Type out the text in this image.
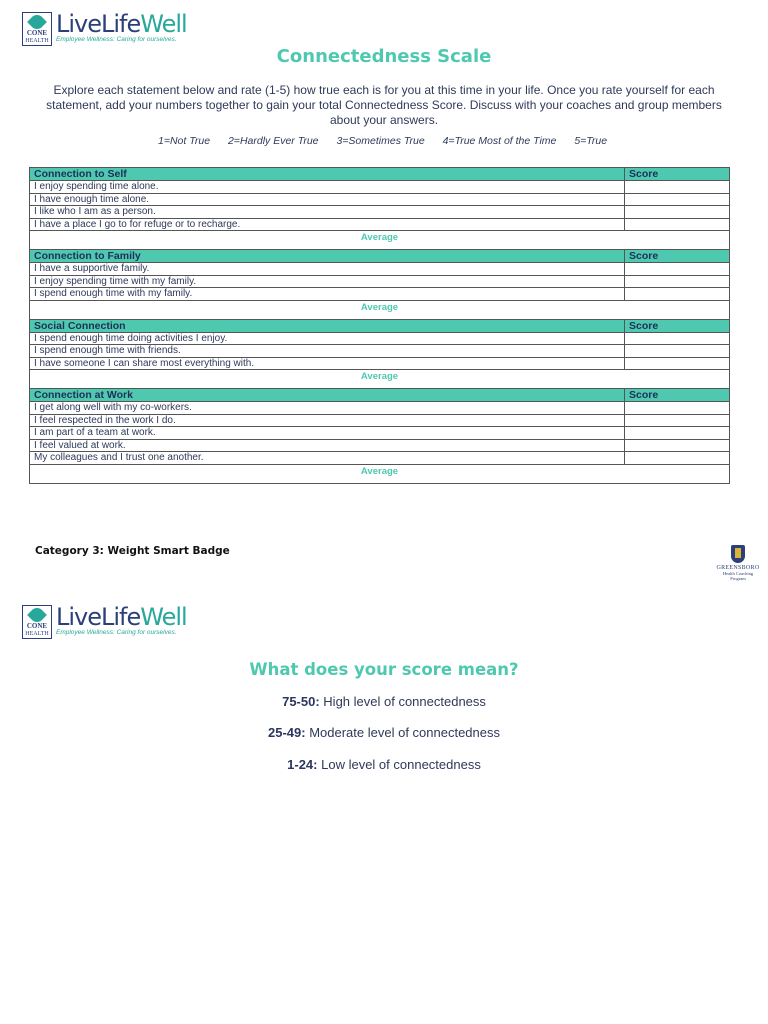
CONE
HEALTH
LiveLifeWell
Employee Wellness: Caring for ourselves.
Connectedness Scale
Explore each statement below and rate (1-5) how true each is for you at this time in your life. Once you rate yourself for each statement, add your numbers together to gain your total Connectedness Score. Discuss with your coaches and group members about your answers.
1=Not True 2=Hardly Ever True 3=Sometimes True 4=True Most of the Time 5=True
Connection to Self	Score
I enjoy spending time alone.	
I have enough time alone.	
I like who I am as a person.	
I have a place I go to for refuge or to recharge.	
Average	
Connection to Family	Score
I have a supportive family.	
I enjoy spending time with my family.	
I spend enough time with my family.	
Average	
Social Connection	Score
I spend enough time doing activities I enjoy.	
I spend enough time with friends.	
I have someone I can share most everything with.	
Average	
Connection at Work	Score
I get along well with my co-workers.	
I feel respected in the work I do.	
I am part of a team at work.	
I feel valued at work.	
My colleagues and I trust one another.	
Average	
Category 3: Weight Smart Badge
GREENSBORO
Health Coaching Program
CONE
HEALTH
LiveLifeWell
Employee Wellness: Caring for ourselves.
What does your score mean?
75-50: High level of connectedness
25-49: Moderate level of connectedness
1-24: Low level of connectedness
